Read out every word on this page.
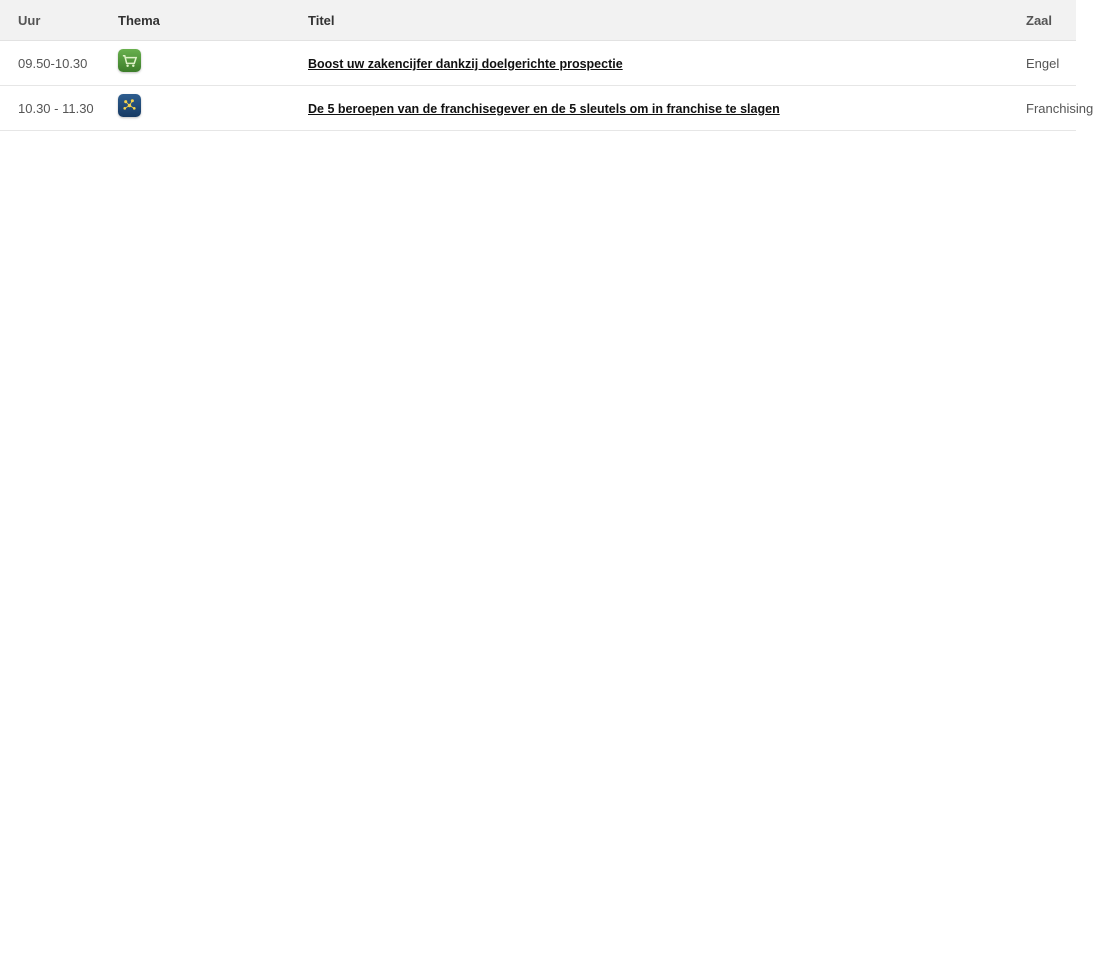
Uur	Thema	Titel	Zaal

09.50-10.30		Boost uw zakencijfer dankzij doelgerichte prospectie	Engel

10.30 - 11.30		De 5 beroepen van de franchisegever en de 5 sleutels om in franchise te slagen	Franchising
